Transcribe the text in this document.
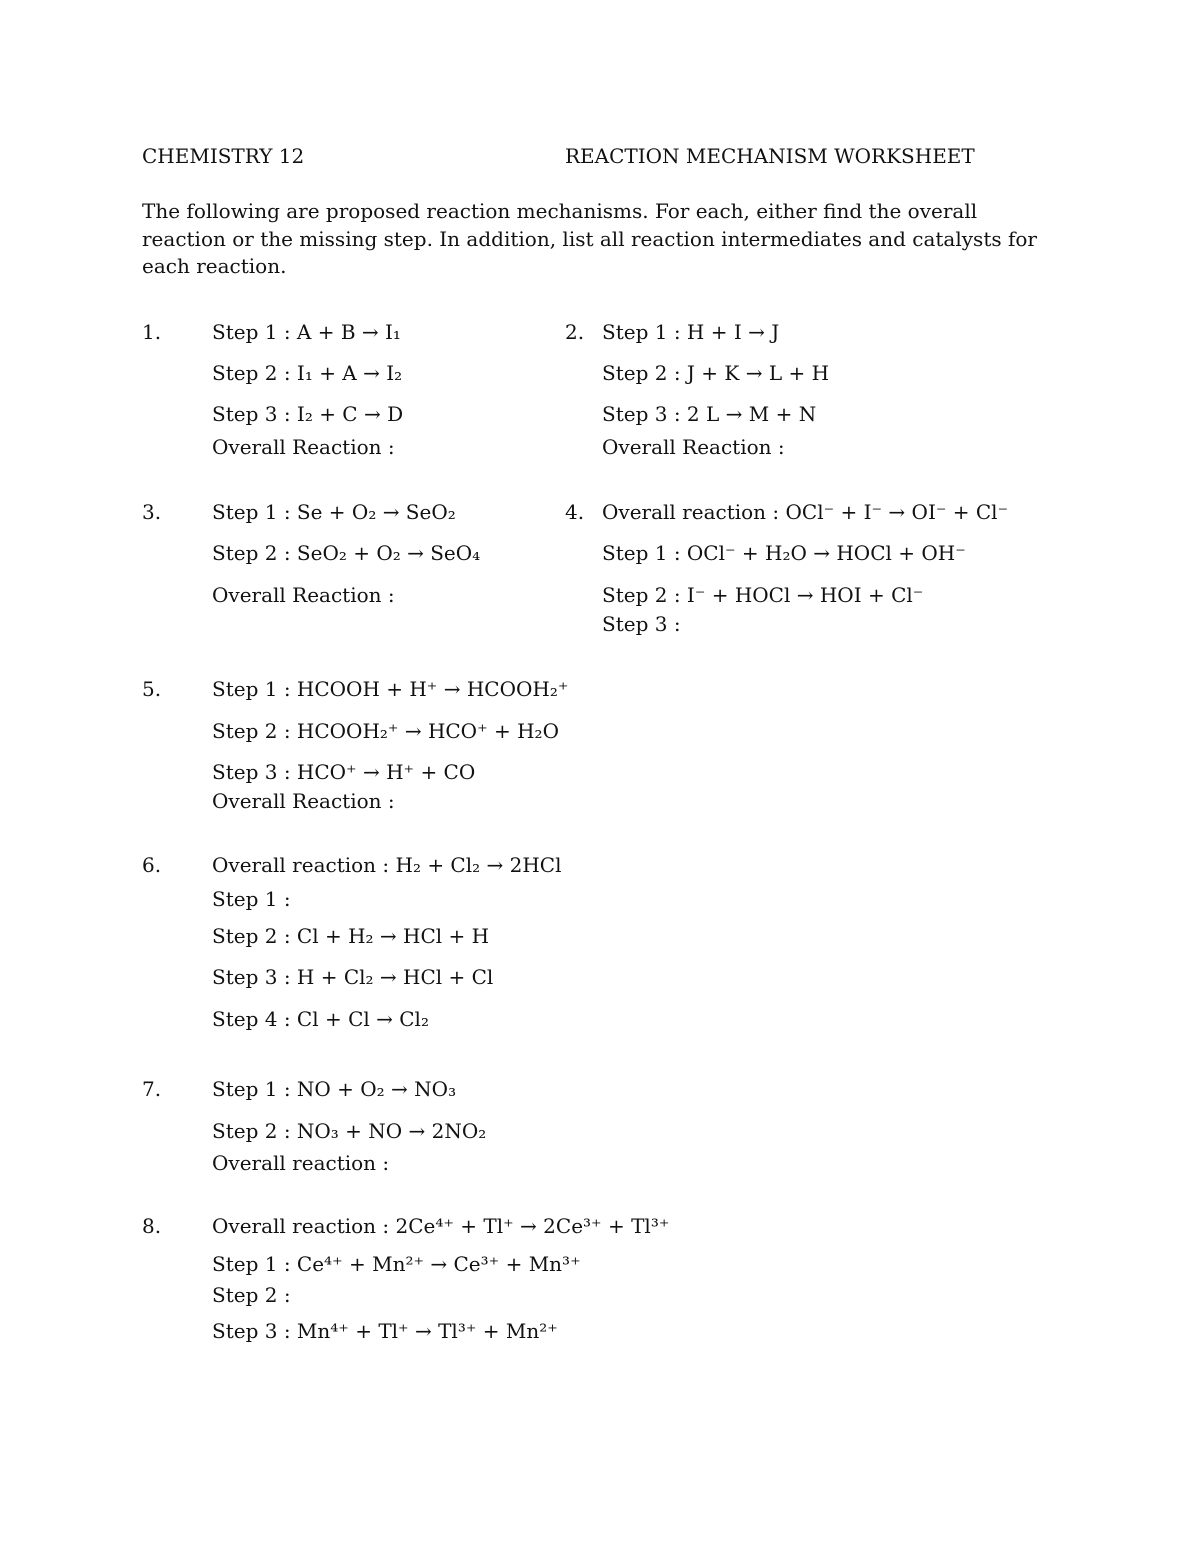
CHEMISTRY 12	REACTION MECHANISM WORKSHEET
The following are proposed reaction mechanisms. For each, either find the overall reaction or the missing step. In addition, list all reaction intermediates and catalysts for each reaction.
1.	Step 1 : A + B → I₁
Step 2 : I₁ + A → I₂
Step 3 : I₂ + C → D
Overall Reaction :
2. Step 1 : H + I → J
Step 2 : J + K → L + H
Step 3 : 2 L → M + N
Overall Reaction :
3.	Step 1 : Se + O₂ → SeO₂
Step 2 : SeO₂ + O₂ → SeO₄
Overall Reaction :
4. Overall reaction : OCl⁻ + I⁻ → OI⁻ + Cl⁻
Step 1 : OCl⁻ + H₂O → HOCl + OH⁻
Step 2 : I⁻ + HOCl → HOI + Cl⁻
Step 3 :
5.	Step 1 : HCOOH + H⁺ → HCOOH₂⁺
Step 2 : HCOOH₂⁺ → HCO⁺ + H₂O
Step 3 : HCO⁺ → H⁺ + CO
Overall Reaction :
6.	Overall reaction : H₂ + Cl₂ → 2HCl
Step 1 :
Step 2 : Cl + H₂ → HCl + H
Step 3 : H + Cl₂ → HCl + Cl
Step 4 : Cl + Cl → Cl₂
7.	Step 1 : NO + O₂ → NO₃
Step 2 : NO₃ + NO → 2NO₂
Overall reaction :
8.	Overall reaction : 2Ce⁴⁺ + Tl⁺ → 2Ce³⁺ + Tl³⁺
Step 1 : Ce⁴⁺ + Mn²⁺ → Ce³⁺ + Mn³⁺
Step 2 :
Step 3 : Mn⁴⁺ + Tl⁺ → Tl³⁺ + Mn²⁺
